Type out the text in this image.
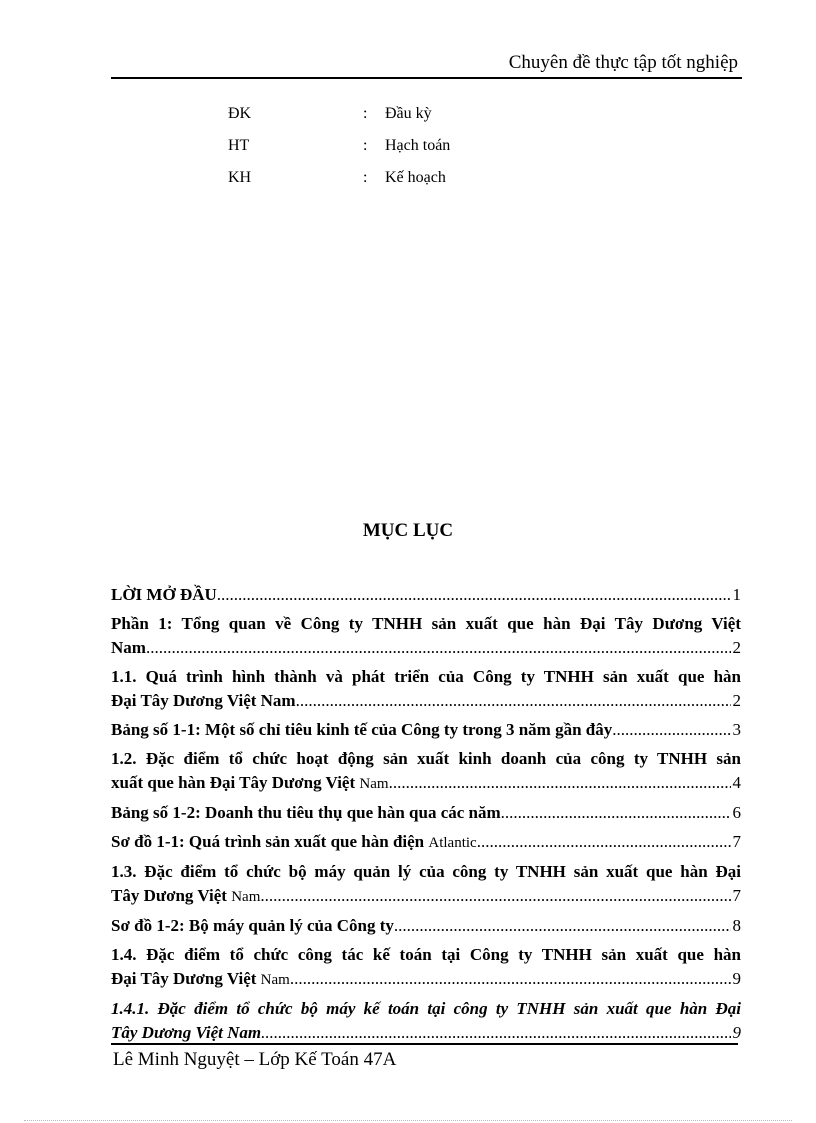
Chuyên đề thực tập tốt nghiệp
ĐK	:	Đầu kỳ
HT	:	Hạch toán
KH	:	Kế hoạch
MỤC LỤC
LỜI MỞ ĐẦU .....	1
Phần 1: Tổng quan về Công ty TNHH sản xuất que hàn Đại Tây Dương Việt
Nam .....	2
1.1. Quá trình hình thành và phát triển của Công ty TNHH sản xuất que hàn
Đại Tây Dương Việt Nam .....	2
Bảng số 1-1: Một số chỉ tiêu kinh tế của Công ty trong 3 năm gần đây .....	3
1.2. Đặc điểm tổ chức hoạt động sản xuất kinh doanh của công ty TNHH sản
xuất que hàn Đại Tây Dương Việt Nam .....	4
Bảng số 1-2: Doanh thu tiêu thụ que hàn qua các năm .....	6
Sơ đồ 1-1: Quá trình sản xuất que hàn điện Atlantic .....	7
1.3. Đặc điểm tổ chức bộ máy quản lý của công ty TNHH sản xuất que hàn Đại
Tây Dương Việt Nam .....	7
Sơ đồ 1-2: Bộ máy quản lý của Công ty .....	8
1.4. Đặc điểm tổ chức công tác kế toán tại Công ty TNHH sản xuất que hàn
Đại Tây Dương Việt Nam .....	9
1.4.1. Đặc điểm tổ chức bộ máy kế toán tại công ty TNHH sản xuất que hàn Đại
Tây Dương Việt Nam .....	9
Lê Minh Nguyệt – Lớp Kế Toán 47A
